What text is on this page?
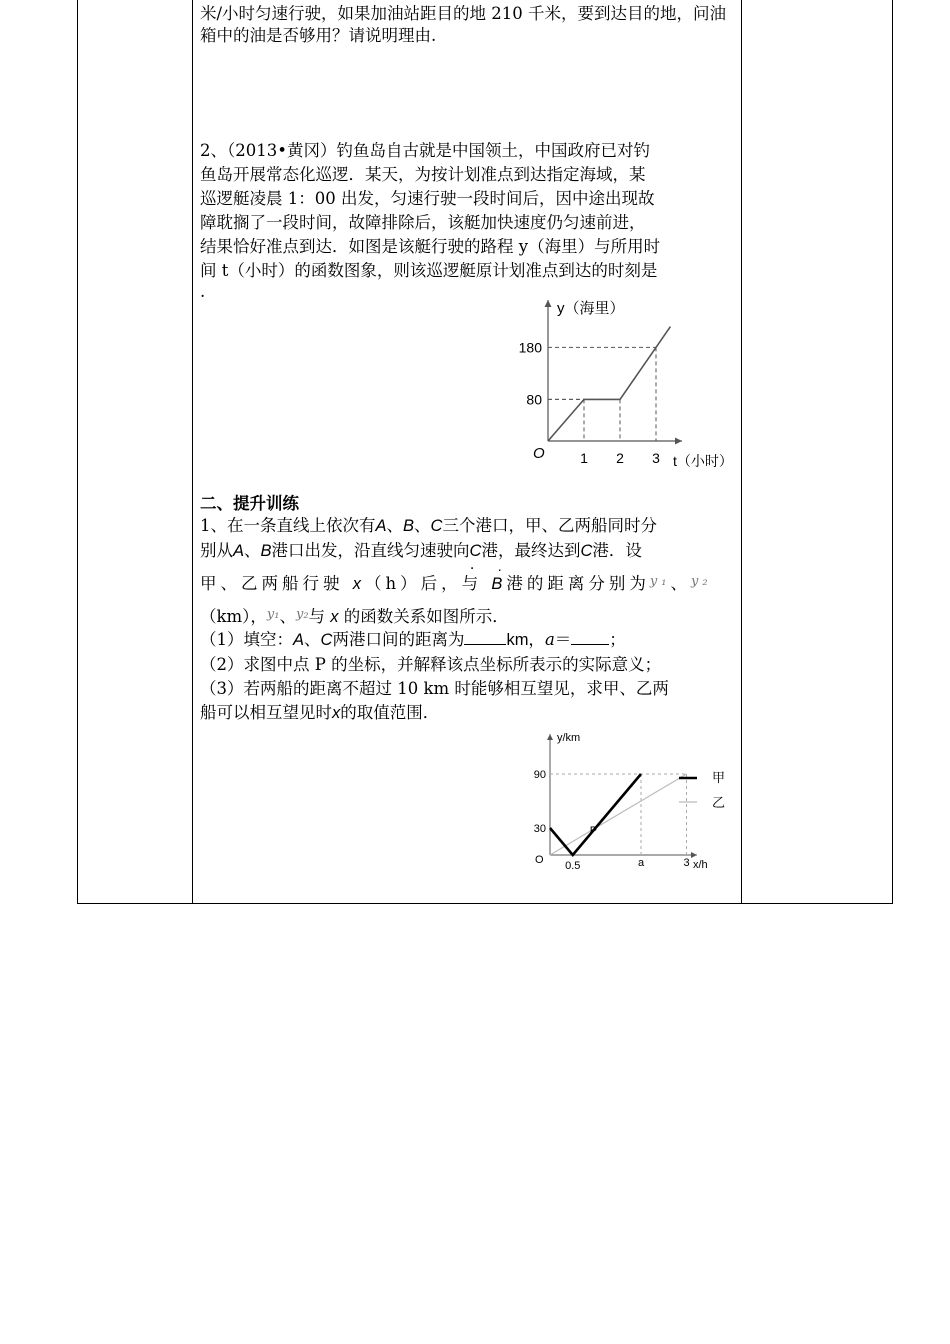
米/小时匀速行驶，如果加油站距目的地 210 千米，要到达目的地，问油
箱中的油是否够用？请说明理由.
2、（2013•黄冈）钓鱼岛自古就是中国领土，中国政府已对钓
鱼岛开展常态化巡逻．某天，为按计划准点到达指定海域，某
巡逻艇凌晨 1：00 出发，匀速行驶一段时间后，因中途出现故
障耽搁了一段时间，故障排除后，该艇加快速度仍匀速前进，
结果恰好准点到达．如图是该艇行驶的路程 y（海里）与所用时
间 t（小时）的函数图象，则该巡逻艇原计划准点到达的时刻是
.
1 2 3
80
180
O
y（海里）
t（小时）
二、提升训练
1、在一条直线上依次有A、B、C三个港口，甲、乙两船同时分
别从A、B港口出发，沿直线匀速驶向C港，最终达到C港．设
甲、乙两船行驶 x（h）后，与 · B港的距离分别为$^{y_1}$、$^{y_2}$
（km），$^{y_1}$、$^{y_2}$与 x 的函数关系如图所示．
（1）填空：A、C两港口间的距离为	km，a＝ ；
（2）求图中点 P 的坐标，并解释该点坐标所表示的实际意义；
（3）若两船的距离不超过 10 km 时能够相互望见，求甲、乙两
船可以相互望见时x的取值范围．
0.5	a	3
30
90
O
y/km
x/h
P
甲
乙
